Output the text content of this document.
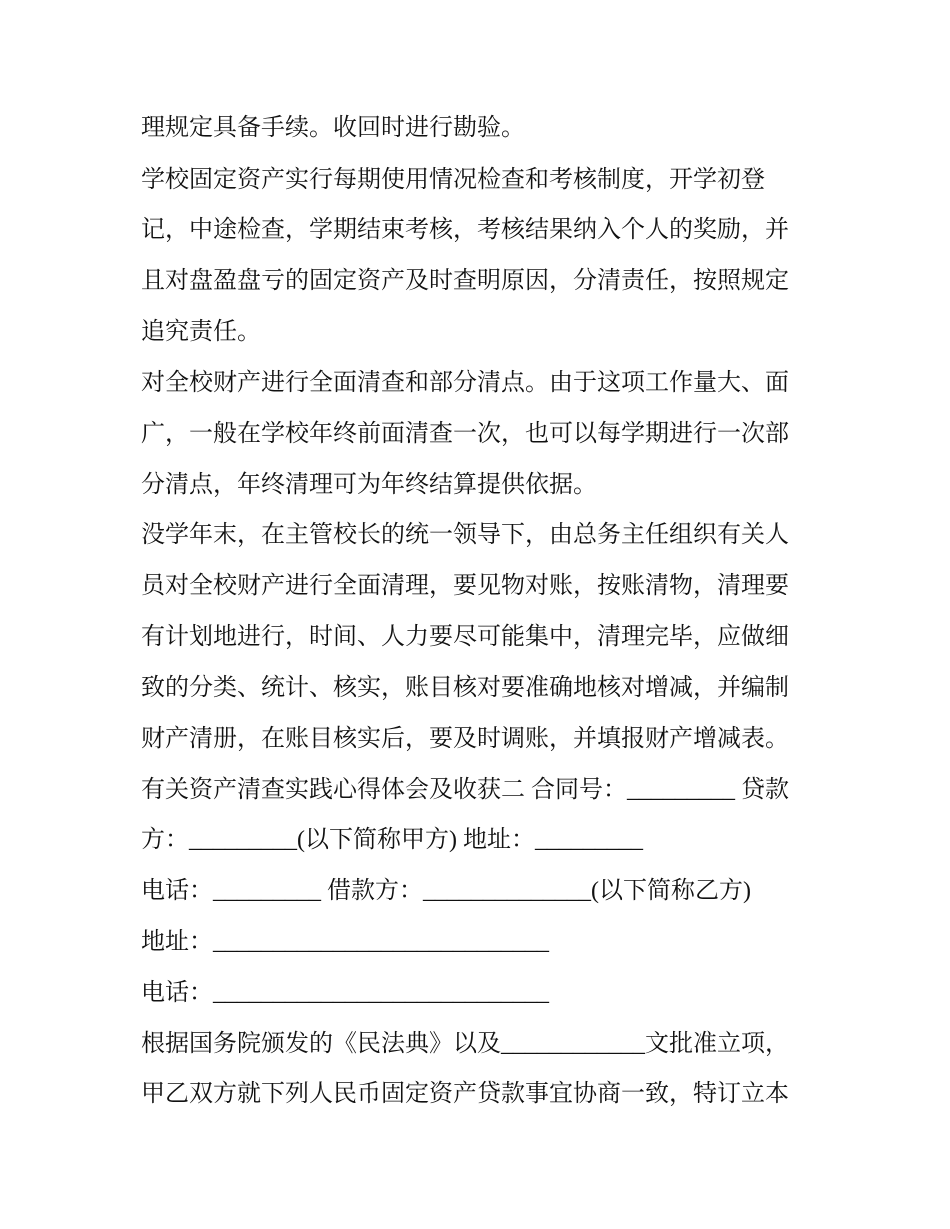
理规定具备手续。收回时进行勘验。
学校固定资产实行每期使用情况检查和考核制度，开学初登
记，中途检查，学期结束考核，考核结果纳入个人的奖励，并
且对盘盈盘亏的固定资产及时查明原因，分清责任，按照规定
追究责任。
对全校财产进行全面清查和部分清点。由于这项工作量大、面
广，一般在学校年终前面清查一次，也可以每学期进行一次部
分清点，年终清理可为年终结算提供依据。
没学年末，在主管校长的统一领导下，由总务主任组织有关人
员对全校财产进行全面清理，要见物对账，按账清物，清理要
有计划地进行，时间、人力要尽可能集中，清理完毕，应做细
致的分类、统计、核实，账目核对要准确地核对增减，并编制
财产清册，在账目核实后，要及时调账，并填报财产增减表。
有关资产清查实践心得体会及收获二 合同号：_________ 贷款
方：_________(以下简称甲方) 地址：_________
电话：_________ 借款方：______________(以下简称乙方)
地址：____________________________
电话：____________________________
根据国务院颁发的《民法典》以及____________文批准立项，
甲乙双方就下列人民币固定资产贷款事宜协商一致，特订立本
